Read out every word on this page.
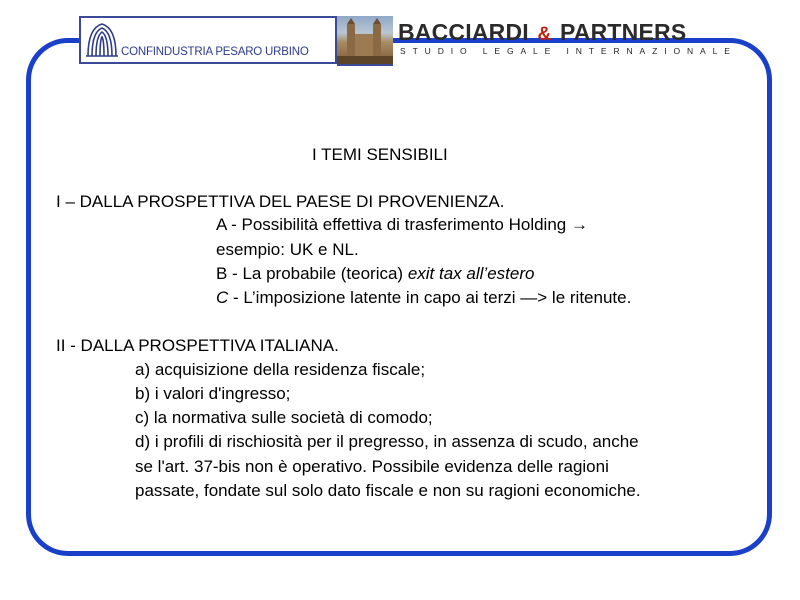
CONFINDUSTRIA PESARO URBINO
BACCIARDI & PARTNERS
STUDIO LEGALE INTERNAZIONALE
I TEMI SENSIBILI
I – DALLA PROSPETTIVA DEL PAESE DI PROVENIENZA.
A - Possibilità effettiva di trasferimento Holding →
esempio: UK e NL.
B - La probabile (teorica) exit tax all’estero
C - L’imposizione latente in capo ai terzi —> le ritenute.
II - DALLA PROSPETTIVA ITALIANA.
a) acquisizione della residenza fiscale;
b) i valori d'ingresso;
c) la normativa sulle società di comodo;
d) i profili di rischiosità per il pregresso, in assenza di scudo, anche
se l'art. 37-bis non è operativo. Possibile evidenza delle ragioni
passate, fondate sul solo dato fiscale e non su ragioni economiche.
